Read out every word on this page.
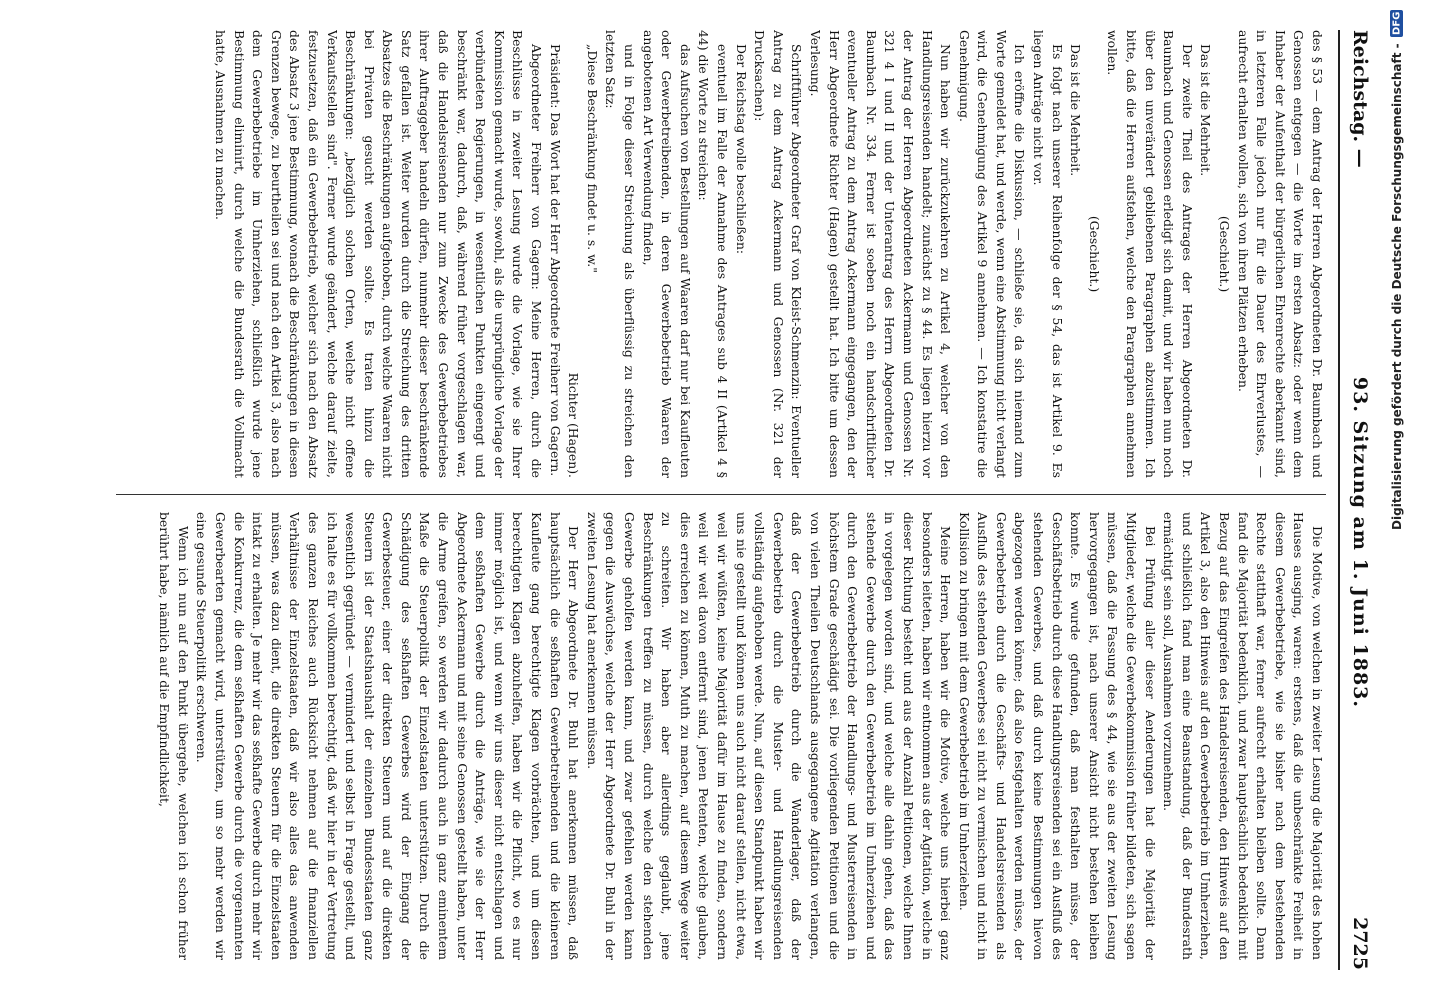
Reichstag. —
93. Sitzung am 1. Juni 1883.
2725

des § 53 — dem Antrag der Herren Abgeordneten Dr. Baumbach und Genossen entgegen — die Worte im ersten Absatz: oder wenn dem Inhaber der Aufenthalt der bürgerlichen Ehrenrechte aberkannt sind, in letzteren Falle jedoch nur für die Dauer des Ehrverlustes, — aufrecht erhalten wollen, sich von ihren Plätzen erheben.

(Geschieht.)

Das ist die Mehrheit.

Der zweite Theil des Antrages der Herren Abgeordneten Dr. Baumbach und Genossen erledigt sich damit, und wir haben nun noch über den unverändert gebliebenen Paragraphen abzustimmen. Ich bitte, daß die Herren aufstehen, welche den Paragraphen annehmen wollen.

(Geschieht.)

Das ist die Mehrheit.

Es folgt nach unserer Reihenfolge der § 54, das ist Artikel 9. Es liegen Anträge nicht vor.

Ich eröffne die Diskussion, — schließe sie, da sich niemand zum Worte gemeldet hat, und werde, wenn eine Abstimmung nicht verlangt wird, die Genehmigung des Artikel 9 annehmen. — Ich konstatire die Genehmigung.

Nun haben wir zurückzukehren zu Artikel 4, welcher von den Handlungsreisenden handelt; zunächst zu § 44. Es liegen hierzu vor der Antrag der Herren Abgeordneten Ackermann und Genossen Nr. 321 4 I und II und der Unterantrag des Herrn Abgeordneten Dr. Baumbach Nr. 334. Ferner ist soeben noch ein handschriftlicher eventueller Antrag zu dem Antrag Ackermann eingegangen, den der Herr Abgeordnete Richter (Hagen) gestellt hat. Ich bitte um dessen Verlesung.

Schriftführer Abgeordneter Graf von Kleist-Schmenzin: Eventueller Antrag zu dem Antrag Ackermann und Genossen (Nr. 321 der Drucksachen):

Der Reichstag wolle beschließen:

eventuell im Falle der Annahme des Antrages sub 4 II (Artikel 4 § 44) die Worte zu streichen:

das Aufsuchen von Bestellungen auf Waaren darf nur bei Kaufleuten oder Gewerbetreibenden, in deren Gewerbebetrieb Waaren der angebotenen Art Verwendung finden,

und in Folge dieser Streichung als überflüssig zu streichen den letzten Satz:

„Diese Beschränkung findet u. s. w."

Richter (Hagen).

Präsident: Das Wort hat der Herr Abgeordnete Freiherr von Gagern.

Abgeordneter Freiherr von Gagern: Meine Herren, durch die Beschlüsse in zweiter Lesung wurde die Vorlage, wie sie Ihrer Kommission gemacht wurde, sowohl, als die ursprüngliche Vorlage der verbündeten Regierungen, in wesentlichen Punkten eingeengt und beschränkt war, dadurch, daß, während früher vorgeschlagen war, daß die Handelsreisenden nur zum Zwecke des Gewerbebetriebes ihrer Auftraggeber handeln dürfen, nunmehr dieser beschränkende Satz gefallen ist. Weiter wurden durch die Streichung des dritten Absatzes die Beschränkungen aufgehoben, durch welche Waaren nicht bei Privaten gesucht werden sollte. Es traten hinzu die Beschränkungen: „bezüglich solchen Orten, welche nicht offene Verkaufsstellen sind". Ferner wurde geändert, welche darauf zielte, festzusetzen, daß ein Gewerbebetrieb, welcher sich nach den Absatz des Absatz 3 jene Bestimmung, wonach die Beschränkungen in diesen Grenzen bewege, zu beurtheilen sei und nach den Artikel 3, also nach dem Gewerbebetriebe im Umherziehen, schließlich wurde jene Bestimmung eliminirt, durch welche die Bundesrath die Vollmacht hatte, Ausnahmen zu machen.

Die Motive, von welchen in zweiter Lesung die Majorität des hohen Hauses ausging, waren: erstens, daß die unbeschränkte Freiheit in diesem Gewerbebetriebe, wie sie bisher nach dem bestehenden Rechte statthaft war, ferner aufrecht erhalten bleiben sollte. Dann fand die Majorität bedenklich, und zwar hauptsächlich bedenklich mit Bezug auf das Eingreifen des Handelsreisenden, den Hinweis auf den Artikel 3, also den Hinweis auf den Gewerbebetrieb im Umherziehen, und schließlich fand man eine Beanstandung, daß der Bundesrath ermächtigt sein soll, Ausnahmen vorzunehmen.

Bei Prüfung aller dieser Aenderungen hat die Majorität der Mitglieder, welche die Gewerbekommission früher bildeten, sich sagen müssen, daß die Fassung des § 44, wie sie aus der zweiten Lesung hervorgegangen ist, nach unserer Ansicht nicht bestehen bleiben konnte. Es wurde gefunden, daß man festhalten müsse, der Geschäftsbetrieb durch diese Handlungsreisenden sei ein Ausfluß des stehenden Gewerbes, und daß durch keine Bestimmungen hievon abgezogen werden könne; daß also festgehalten werden müsse, der Gewerbebetrieb durch die Geschäfts- und Handelsreisenden als Ausfluß des stehenden Gewerbes sei nicht zu vermischen und nicht in Kollision zu bringen mit dem Gewerbebetrieb im Umherziehen.

Meine Herren, haben wir die Motive, welche uns hierbei ganz besonders leiteten, haben wir entnommen aus der Agitation, welche in dieser Richtung besteht und aus der Anzahl Petitionen, welche Ihnen in vorgelegen worden sind, und welche alle dahin gehen, daß das stehende Gewerbe durch den Gewerbebetrieb im Umherziehen und durch den Gewerbebetrieb der Handlungs- und Musterreisenden in höchstem Grade geschädigt sei. Die vorliegenden Petitionen und die von vielen Theilen Deutschlands ausgegangene Agitation verlangen, daß der Gewerbebetrieb durch die Wanderlager, daß der Gewerbebetrieb durch die Muster- und Handlungsreisenden vollständig aufgehoben werde. Nun, auf diesen Standpunkt haben wir uns nie gestellt und können uns auch nicht darauf stellen, nicht etwa, weil wir wüßten, keine Majorität dafür im Hause zu finden, sondern weil wir weit davon entfernt sind, jenen Petenten, welche glauben, dies erreichen zu können, Muth zu machen, auf diesem Wege weiter zu schreiten. Wir haben aber allerdings geglaubt, jene Beschränkungen treffen zu müssen, durch welche den stehenden Gewerbe geholfen werden kann, und zwar gefehlen werden kann gegen die Auswüchse, welche der Herr Abgeordnete Dr. Buhl in der zweiten Lesung hat anerkennen müssen.

Der Herr Abgeordnete Dr. Buhl hat anerkennen müssen, daß hauptsächlich die seßhaften Gewerbetreibenden und die kleineren Kaufleute gang berechtigte Klagen vorbrächten, und um diesen berechtigten Klagen abzuhelfen, haben wir die Pflicht, wo es nur immer möglich ist, und wenn wir uns dieser nicht entschlagen und dem seßhaften Gewerbe durch die Anträge, wie sie der Herr Abgeordnete Ackermann und mit seine Genossen gestellt haben, unter die Arme greifen, so werden wir dadurch auch in ganz eminentem Maße die Steuerpolitik der Einzelstaaten unterstützen. Durch die Schädigung des seßhaften Gewerbes wird der Eingang der Gewerbesteuer, einer der direkten Steuern und auf die direkten Steuern ist der Staatshaushalt der einzelnen Bundesstaaten ganz wesentlich gegründet — vermindert und selbst in Frage gestellt, und ich halte es für vollkommen berechtigt, daß wir hier in der Vertretung des ganzen Reiches auch Rücksicht nehmen auf die finanziellen Verhältnisse der Einzelstaaten, daß wir also alles das anwenden müssen, was dazu dient, die direkten Steuern für die Einzelstaaten intakt zu erhalten. Je mehr wir das seßhafte Gewerbe durch mehr wir die Konkurrenz, die dem seßhaften Gewerbe durch die vorgenannten Gewerbearten gemacht wird, unterstützen, um so mehr werden wir eine gesunde Steuerpolitik erschweren.

Wenn ich nun auf den Punkt übergehe, welchen ich schon früher berührt habe, nämlich auf die Empfindlichkeit,

Digitalisierung gefördert durch die Deutsche Forschungsgemeinschaft -
DFG
